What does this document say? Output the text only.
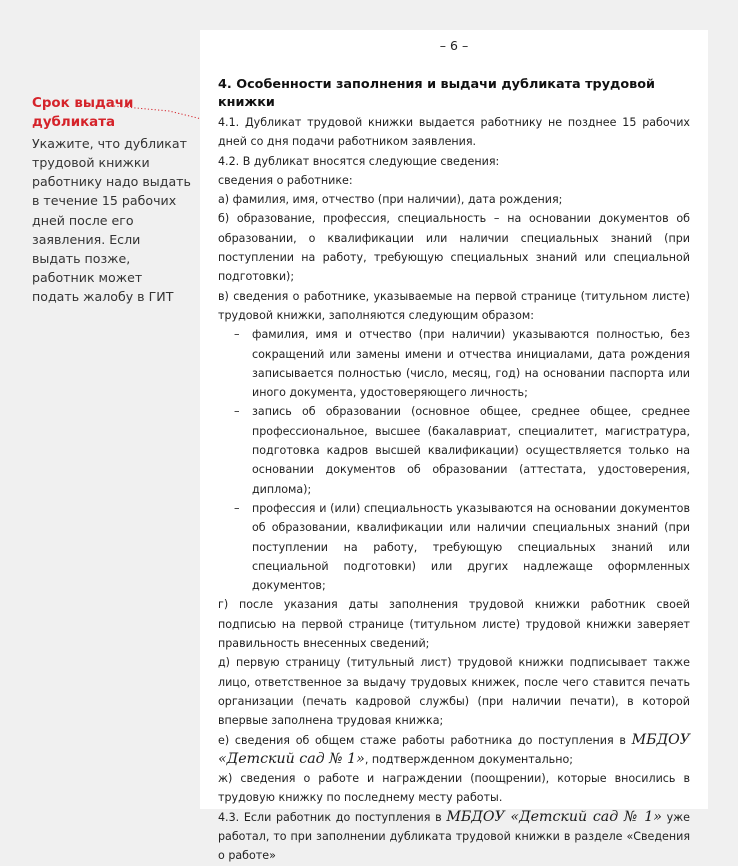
Срок выдачи дубликата
Укажите, что дубликат трудовой книжки работнику надо выдать в течение 15 рабочих дней после его заявления. Если выдать позже, работник может подать жалобу в ГИТ
– 6 –
4. Особенности заполнения и выдачи дубликата трудовой книжки

4.1. Дубликат трудовой книжки выдается работнику не позднее 15 рабочих дней со дня подачи работником заявления.

4.2. В дубликат вносятся следующие сведения:

сведения о работнике:

а) фамилия, имя, отчество (при наличии), дата рождения;

б) образование, профессия, специальность – на основании документов об образовании, о квалификации или наличии специальных знаний (при поступлении на работу, требующую специальных знаний или специальной подготовки);

в) сведения о работнике, указываемые на первой странице (титульном листе) трудовой книжки, заполняются следующим образом:

– фамилия, имя и отчество (при наличии) указываются полностью, без сокращений или замены имени и отчества инициалами, дата рождения записывается полностью (число, месяц, год) на основании паспорта или иного документа, удостоверяющего личность;
– запись об образовании (основное общее, среднее общее, среднее профессиональное, высшее (бакалавриат, специалитет, магистратура, подготовка кадров высшей квалификации) осуществляется только на основании документов об образовании (аттестата, удостоверения, диплома);
– профессия и (или) специальность указываются на основании документов об образовании, квалификации или наличии специальных знаний (при поступлении на работу, требующую специальных знаний или специальной подготовки) или других надлежаще оформленных документов;

г) после указания даты заполнения трудовой книжки работник своей подписью на первой странице (титульном листе) трудовой книжки заверяет правильность внесенных сведений;

д) первую страницу (титульный лист) трудовой книжки подписывает также лицо, ответственное за выдачу трудовых книжек, после чего ставится печать организации (печать кадровой службы) (при наличии печати), в которой впервые заполнена трудовая книжка;

е) сведения об общем стаже работы работника до поступления в МБДОУ «Детский сад № 1», подтвержденном документально;

ж) сведения о работе и награждении (поощрении), которые вносились в трудовую книжку по последнему месту работы.

4.3. Если работник до поступления в МБДОУ «Детский сад № 1» уже работал, то при заполнении дубликата трудовой книжки в разделе «Сведения о работе»
